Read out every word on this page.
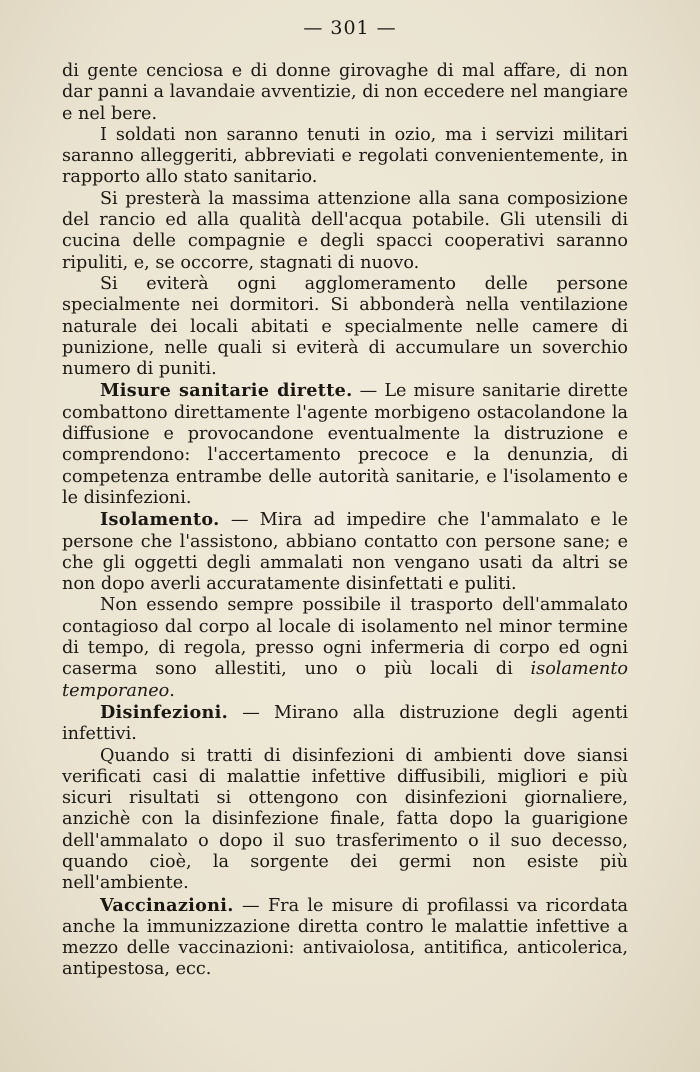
— 301 —

di gente cenciosa e di donne girovaghe di mal affare, di non dar panni a lavandaie avventizie, di non eccedere nel mangiare e nel bere.

I soldati non saranno tenuti in ozio, ma i servizi militari saranno alleggeriti, abbreviati e regolati convenientemente, in rapporto allo stato sanitario.

Si presterà la massima attenzione alla sana composizione del rancio ed alla qualità dell'acqua potabile. Gli utensili di cucina delle compagnie e degli spacci cooperativi saranno ripuliti, e, se occorre, stagnati di nuovo.

Si eviterà ogni agglomeramento delle persone specialmente nei dormitori. Si abbonderà nella ventilazione naturale dei locali abitati e specialmente nelle camere di punizione, nelle quali si eviterà di accumulare un soverchio numero di puniti.

Misure sanitarie dirette. — Le misure sanitarie dirette combattono direttamente l'agente morbigeno ostacolandone la diffusione e provocandone eventualmente la distruzione e comprendono: l'accertamento precoce e la denunzia, di competenza entrambe delle autorità sanitarie, e l'isolamento e le disinfezioni.

Isolamento. — Mira ad impedire che l'ammalato e le persone che l'assistono, abbiano contatto con persone sane; e che gli oggetti degli ammalati non vengano usati da altri se non dopo averli accuratamente disinfettati e puliti.

Non essendo sempre possibile il trasporto dell'ammalato contagioso dal corpo al locale di isolamento nel minor termine di tempo, di regola, presso ogni infermeria di corpo ed ogni caserma sono allestiti, uno o più locali di isolamento temporaneo.

Disinfezioni. — Mirano alla distruzione degli agenti infettivi.

Quando si tratti di disinfezioni di ambienti dove siansi verificati casi di malattie infettive diffusibili, migliori e più sicuri risultati si ottengono con disinfezioni giornaliere, anzichè con la disinfezione finale, fatta dopo la guarigione dell'ammalato o dopo il suo trasferimento o il suo decesso, quando cioè, la sorgente dei germi non esiste più nell'ambiente.

Vaccinazioni. — Fra le misure di profilassi va ricordata anche la immunizzazione diretta contro le malattie infettive a mezzo delle vaccinazioni: antivaiolosa, antitifica, anticolerica, antipestosa, ecc.
